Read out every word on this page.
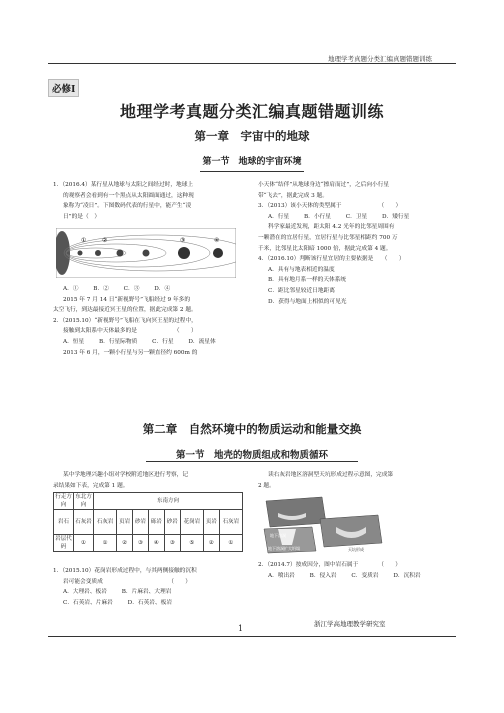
地理学考真题分类汇编真题错题训练
必修Ⅰ
地理学考真题分类汇编真题错题训练
第一章　宇宙中的地球
第一节　地球的宇宙环境

1．（2016.4）某行星从地球与太阳之间经过时，地球上

的观察者会看到有一个黑点从太阳圆面通过，这种现

象称为“凌日”。下图数码代表的行星中，能产生“凌

日”的是（　）

①	②	③	④

A．①	B．②	C．③	D．④

2015 年 7 月 14 日“新视野号”飞船经过 9 年多的

太空飞行，到达最接近冥王星的位置，据此完成第 2 题。

2．（2015.10）“新视野号”飞船在飞向冥王星的过程中，

接触到太阳系中天体最多的是　　　　　　　（　　）

A．恒星	B．行星际物质	C．行星	D．流星体

2013 年 6 月，一颗小行星与另一颗直径约 600m 的

小天体“结伴”从地球身边“擦肩而过”，之后向小行星

带“飞去”，据此完成 3 题。

3．（2013）该小天体的类型属于　　　　　　　（　　）

A．行星	B．小行星	C．卫星	D．矮行星

科学家最近发现，距太阳 4.2 光年的比邻星周围有

一颗潜在的宜居行星，宜居行星与比邻星相距约 700 万

千米，比邻星比太阳暗 1000 倍，据此完成第 4 题。

4．（2016.10）判断该行星宜居的主要依据是　　（　　）

A．具有与地表相近的温度

B．具有地月系一样的天体系统

C．距比邻星较近日地距离

D．获得与地面上相似的可见光

第二章　自然环境中的物质运动和能量交换
第一节　地壳的物质组成和物质循环

某中学地理兴趣小组对学校附近地区进行考察，记

录结果如下表，完成第 1 题。

行走方向	东北方向	东南方向							
岩石	石灰岩	石灰岩	页岩	砂岩	砾岩	砂岩	花岗岩	页岩	石灰岩
岩层代码	①	①	②	③	④	③	⑤	②	①

1．（2015.10）花岗岩形成过程中，与其两侧接触的沉积

岩可能会变质成　　　　　　　　　　　　（　　）

A．大理岩、板岩	B．片麻岩、大理岩

C．石英岩、片麻岩	D．石英岩、板岩

读右灰岩地区溶洞型天坑形成过程示意图，完成第

2 题。

地下溶洞
地下溶洞扩大坍塌	天坑形成

2．（2014.7）按成因分，图中岩石属于　　　　（　　）

A．喷出岩	B．侵入岩	C．变质岩	D．沉积岩

1	浙江学高地理教学研究室
